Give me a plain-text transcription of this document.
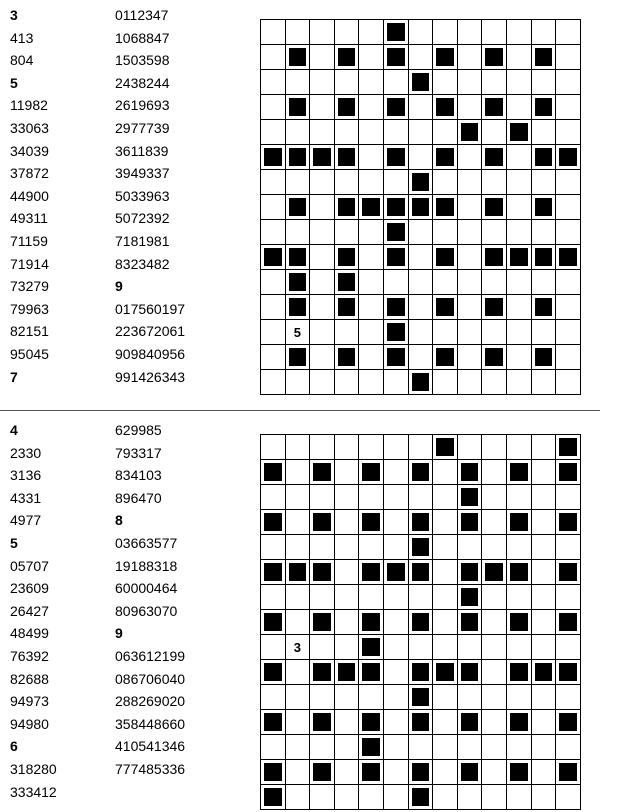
3
413
804
5
11982
33063
34039
37872
44900
49311
71159
71914
73279
79963
82151
95045
7
0112347
1068847
1503598
2438244
2619693
2977739
3611839
3949337
5033963
5072392
7181981
8323482
9
017560197
223672061
909840956
991426343
5
4
2330
3136
4331
4977
5
05707
23609
26427
48499
76392
82688
94973
94980
6
318280
333412
629985
793317
834103
896470
8
03663577
19188318
60000464
80963070
9
063612199
086706040
288269020
358448660
410541346
777485336
3
